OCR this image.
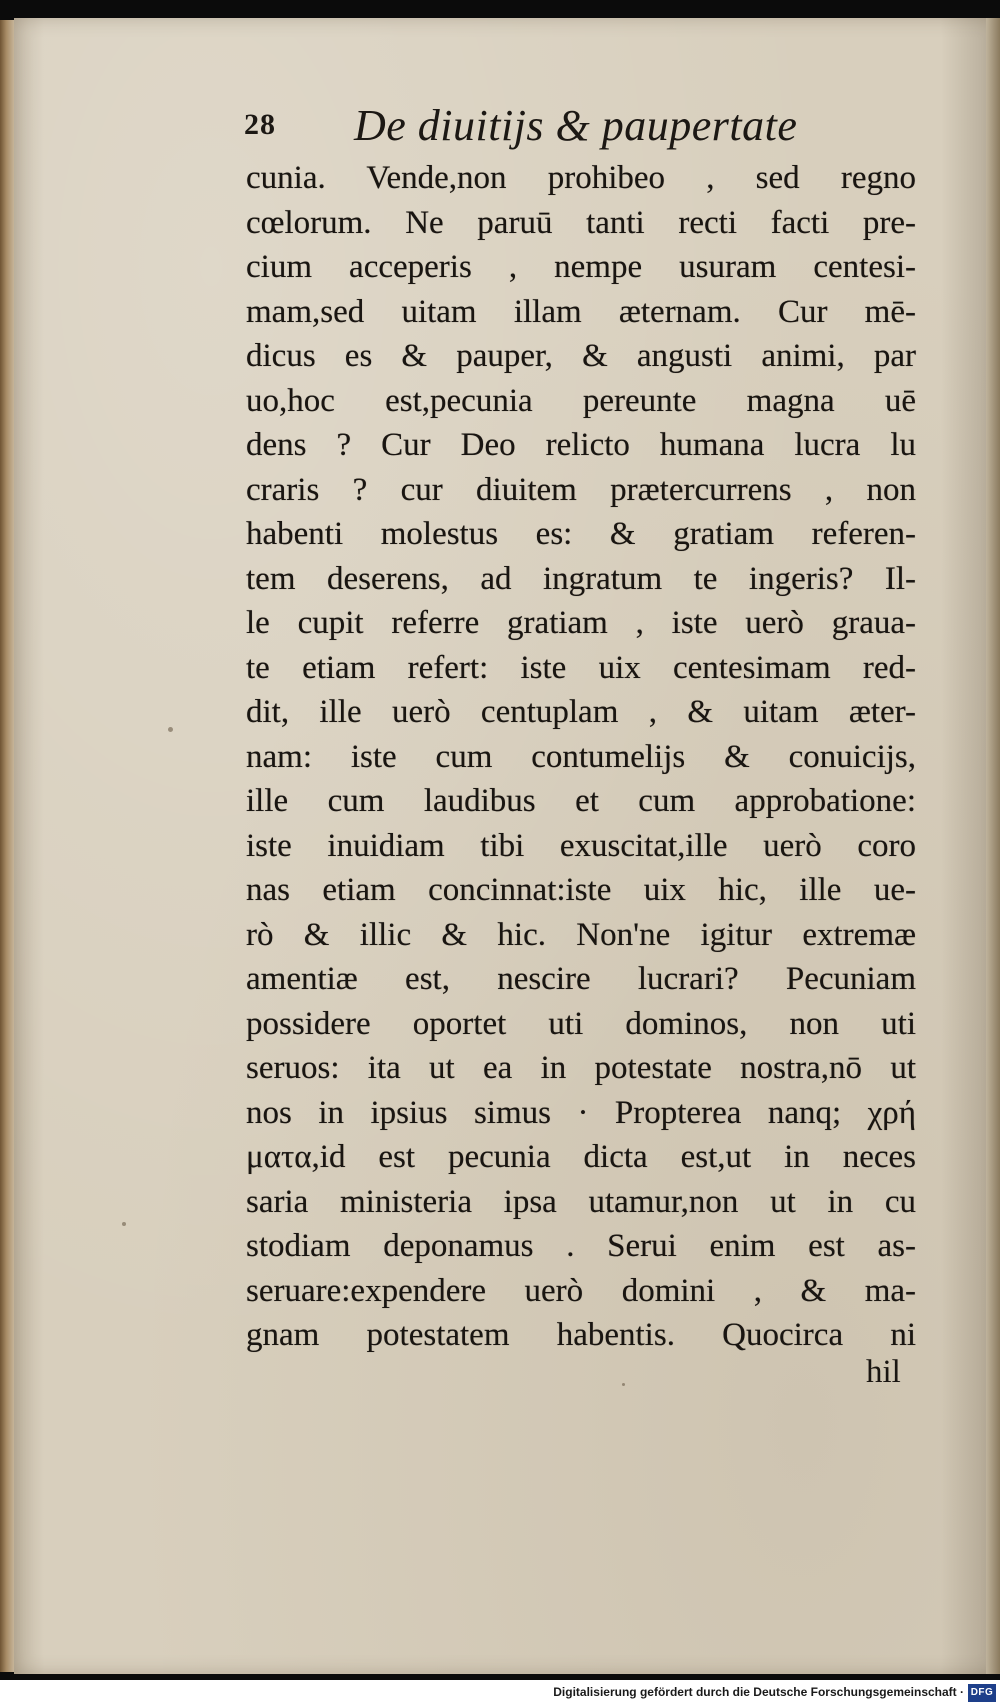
28 De diuitijs & paupertate
cunia. Vende,non prohibeo , sed regno
cœlorum. Ne paruū tanti recti facti pre-
cium acceperis , nempe usuram centesi-
mam,sed uitam illam æternam. Cur mē-
dicus es & pauper, & angusti animi, par
uo,hoc est,pecunia pereunte magna uē
dens ? Cur Deo relicto humana lucra lu
craris ? cur diuitem prætercurrens , non
habenti molestus es: & gratiam referen-
tem deserens, ad ingratum te ingeris? Il-
le cupit referre gratiam , iste uerò graua-
te etiam refert: iste uix centesimam red-
dit, ille uerò centuplam , & uitam æter-
nam: iste cum contumelijs & conuicijs,
ille cum laudibus et cum approbatione:
iste inuidiam tibi exuscitat,ille uerò coro
nas etiam concinnat:iste uix hic, ille ue-
rò & illic & hic. Non'ne igitur extremæ
amentiæ est, nescire lucrari? Pecuniam
possidere oportet uti dominos, non uti
seruos: ita ut ea in potestate nostra,nō ut
nos in ipsius simus · Propterea nanq; χρή
ματα,id est pecunia dicta est,ut in neces
saria ministeria ipsa utamur,non ut in cu
stodiam deponamus . Serui enim est as-
seruare:expendere uerò domini , & ma-
gnam potestatem habentis. Quocirca ni
hil
Digitalisierung gefördert durch die Deutsche Forschungsgemeinschaft · DFG
